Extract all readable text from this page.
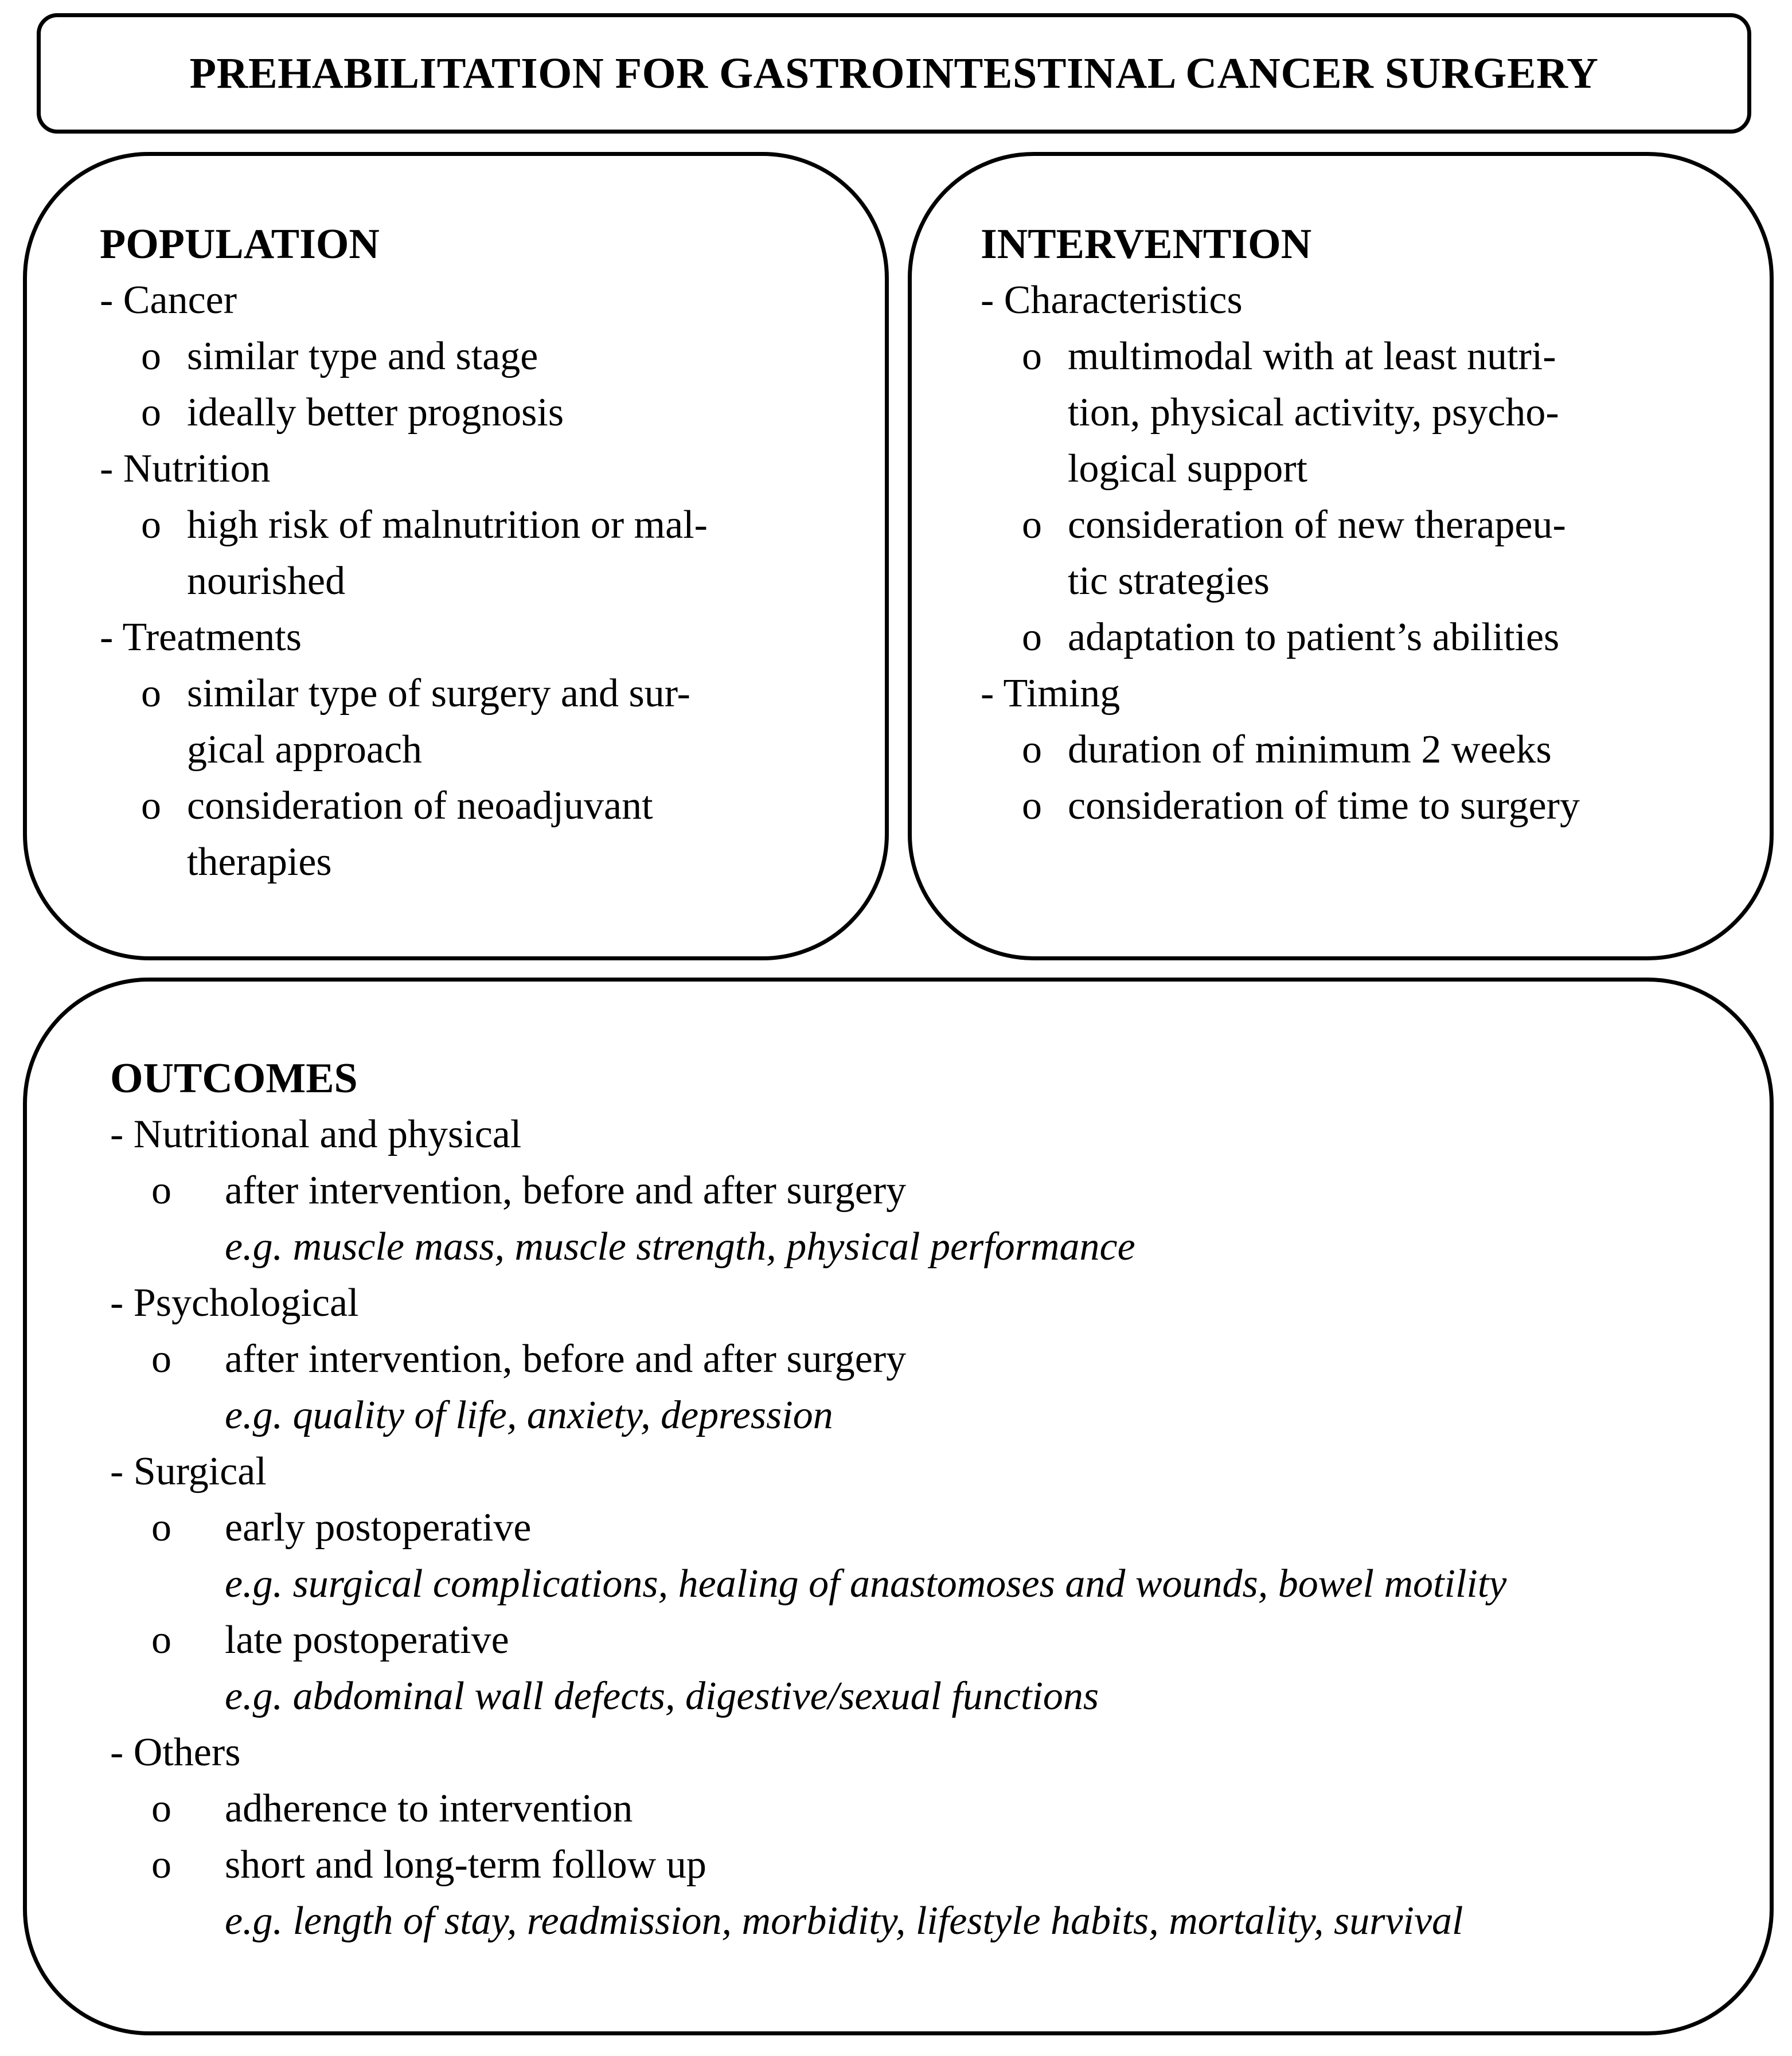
PREHABILITATION FOR GASTROINTESTINAL CANCER SURGERY
POPULATION
- Cancer
o similar type and stage
o ideally better prognosis
- Nutrition
o high risk of malnutrition or mal-
nourished
- Treatments
o similar type of surgery and sur-
gical approach
o consideration of neoadjuvant
therapies
INTERVENTION
- Characteristics
o multimodal with at least nutri-
tion, physical activity, psycho-
logical support
o consideration of new therapeu-
tic strategies
o adaptation to patient’s abilities
- Timing
o duration of minimum 2 weeks
o consideration of time to surgery
OUTCOMES
- Nutritional and physical
o after intervention, before and after surgery
e.g. muscle mass, muscle strength, physical performance
- Psychological
o after intervention, before and after surgery
e.g. quality of life, anxiety, depression
- Surgical
o early postoperative
e.g. surgical complications, healing of anastomoses and wounds, bowel motility
o late postoperative
e.g. abdominal wall defects, digestive/sexual functions
- Others
o adherence to intervention
o short and long-term follow up
e.g. length of stay, readmission, morbidity, lifestyle habits, mortality, survival
